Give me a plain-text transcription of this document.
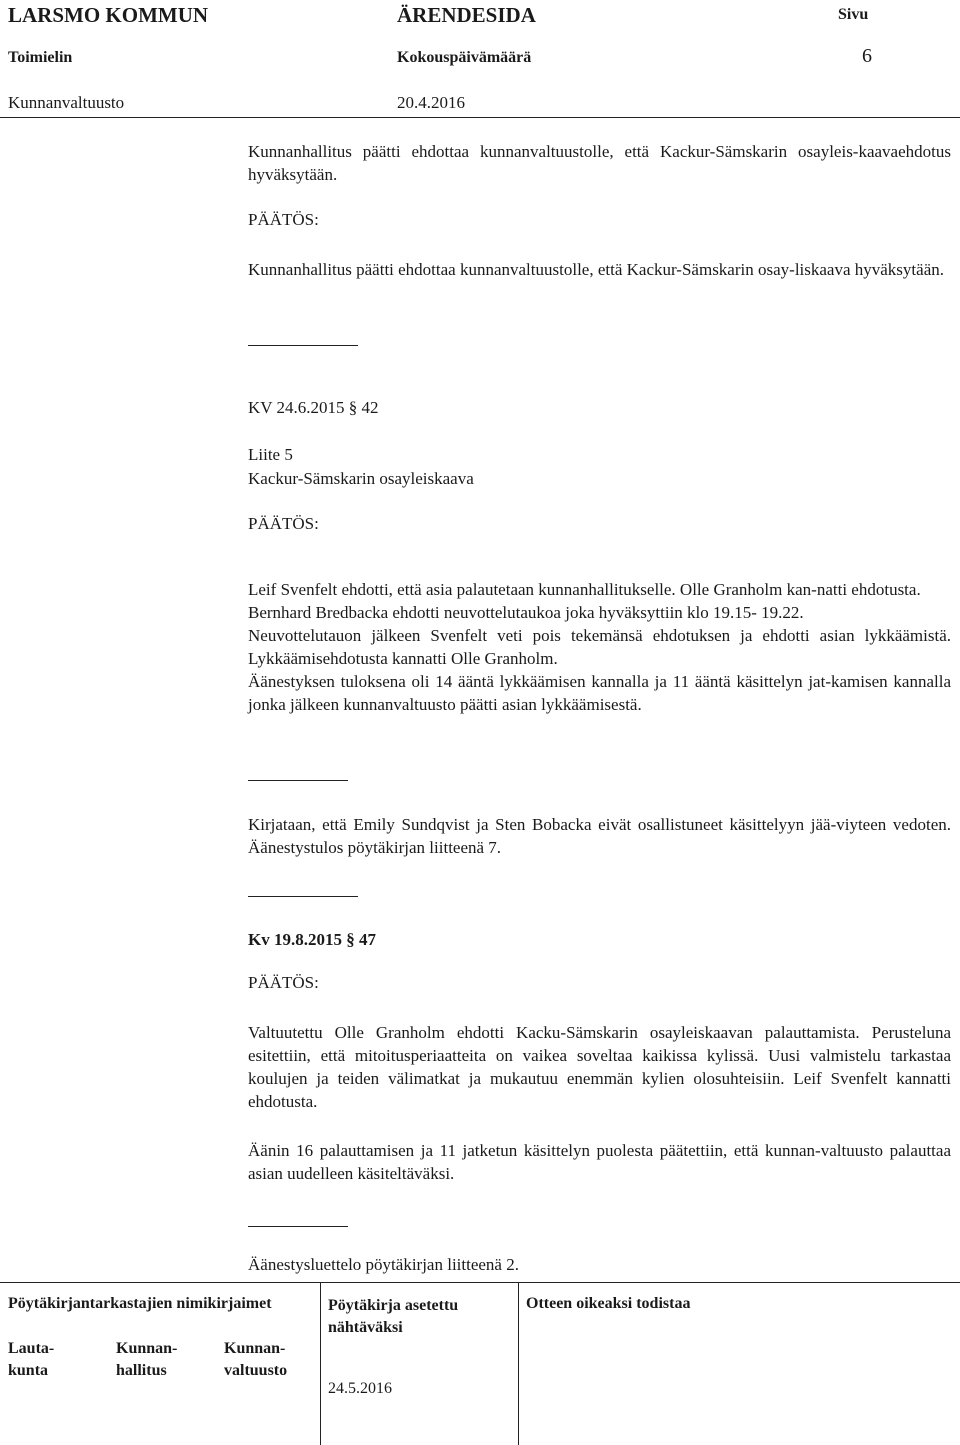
LARSMO KOMMUN	ÄRENDESIDA	Sivu
Toimielin	Kokouspäivämäärä	6
Kunnanvaltuusto	20.4.2016

Kunnanhallitus päätti ehdottaa kunnanvaltuustolle, että Kackur-Sämskarin osayleis-kaavaehdotus hyväksytään.

PÄÄTÖS:

Kunnanhallitus päätti ehdottaa kunnanvaltuustolle, että Kackur-Sämskarin osay-liskaava hyväksytään.

KV 24.6.2015 § 42
Liite 5
Kackur-Sämskarin osayleiskaava
PÄÄTÖS:

Leif Svenfelt ehdotti, että asia palautetaan kunnanhallitukselle. Olle Granholm kan-natti ehdotusta.

Bernhard Bredbacka ehdotti neuvottelutaukoa joka hyväksyttiin klo 19.15- 19.22.

Neuvottelutauon jälkeen Svenfelt veti pois tekemänsä ehdotuksen ja ehdotti asian lykkäämistä. Lykkäämisehdotusta kannatti Olle Granholm.

Äänestyksen tuloksena oli 14 ääntä lykkäämisen kannalla ja 11 ääntä käsittelyn jat-kamisen kannalla jonka jälkeen kunnanvaltuusto päätti asian lykkäämisestä.

Kirjataan, että Emily Sundqvist ja Sten Bobacka eivät osallistuneet käsittelyyn jää-viyteen vedoten. Äänestystulos pöytäkirjan liitteenä 7.

Kv 19.8.2015 § 47
PÄÄTÖS:

Valtuutettu Olle Granholm ehdotti Kacku-Sämskarin osayleiskaavan palauttamista. Perusteluna esitettiin, että mitoitusperiaatteita on vaikea soveltaa kaikissa kylissä. Uusi valmistelu tarkastaa koulujen ja teiden välimatkat ja mukautuu enemmän kylien olosuhteisiin. Leif Svenfelt kannatti ehdotusta.

Äänin 16 palauttamisen ja 11 jatketun käsittelyn puolesta päätettiin, että kunnan-valtuusto palauttaa asian uudelleen käsiteltäväksi.

Äänestysluettelo pöytäkirjan liitteenä 2.
Pöytäkirjantarkastajien nimikirjaimet	Pöytäkirja asetettu nähtäväksi
Otteen oikeaksi todistaa
Lauta-kunta
Kunnan-hallitus
Kunnan-valtuusto
24.5.2016
